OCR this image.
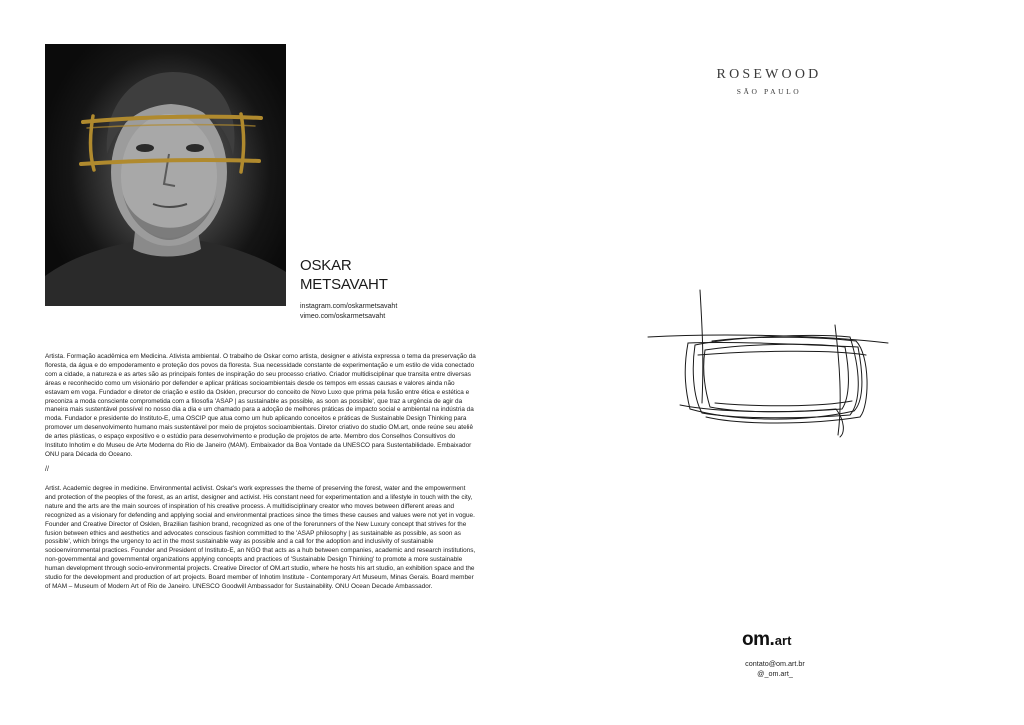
OSKAR
METSAVAHT
instagram.com/oskarmetsavaht
vimeo.com/oskarmetsavaht
Artista. Formação acadêmica em Medicina. Ativista ambiental. O trabalho de Oskar como artista, designer e ativista expressa o tema da preservação da floresta, da água e do empoderamento e proteção dos povos da floresta. Sua necessidade constante de experimentação e um estilo de vida conectado com a cidade, a natureza e as artes são as principais fontes de inspiração do seu processo criativo. Criador multidisciplinar que transita entre diversas áreas e reconhecido como um visionário por defender e aplicar práticas socioambientais desde os tempos em essas causas e valores ainda não estavam em voga. Fundador e diretor de criação e estilo da Osklen, precursor do conceito de Novo Luxo que prima pela fusão entre ética e estética e preconiza a moda consciente comprometida com a filosofia 'ASAP | as sustainable as possible, as soon as possible', que traz a urgência de agir da maneira mais sustentável possível no nosso dia a dia e um chamado para a adoção de melhores práticas de impacto social e ambiental na indústria da moda. Fundador e presidente do Instituto-E, uma OSCIP que atua como um hub aplicando conceitos e práticas de Sustainable Design Thinking para promover um desenvolvimento humano mais sustentável por meio de projetos socioambientais. Diretor criativo do studio OM.art, onde reúne seu ateliê de artes plásticas, o espaço expositivo e o estúdio para desenvolvimento e produção de projetos de arte. Membro dos Conselhos Consultivos do Instituto Inhotim e do Museu de Arte Moderna do Rio de Janeiro (MAM). Embaixador da Boa Vontade da UNESCO para Sustentabilidade. Embaixador ONU para Década do Oceano.
//
Artist. Academic degree in medicine. Environmental activist. Oskar's work expresses the theme of preserving the forest, water and the empowerment and protection of the peoples of the forest, as an artist, designer and activist. His constant need for experimentation and a lifestyle in touch with the city, nature and the arts are the main sources of inspiration of his creative process. A multidisciplinary creator who moves between different areas and recognized as a visionary for defending and applying social and environmental practices since the times these causes and values were not yet in vogue. Founder and Creative Director of Osklen, Brazilian fashion brand, recognized as one of the forerunners of the New Luxury concept that strives for the fusion between ethics and aesthetics and advocates conscious fashion committed to the 'ASAP philosophy | as sustainable as possible, as soon as possible', which brings the urgency to act in the most sustainable way as possible and a call for the adoption and inclusivity of sustainable socioenvironmental practices. Founder and President of Instituto-E, an NGO that acts as a hub between companies, academic and research institutions, non-governmental and governmental organizations applying concepts and practices of 'Sustainable Design Thinking' to promote a more sustainable human development through socio-environmental projects. Creative Director of OM.art studio, where he hosts his art studio, an exhibition space and the studio for the development and production of art projects. Board member of Inhotim Institute - Contemporary Art Museum, Minas Gerais. Board member of MAM – Museum of Modern Art of Rio de Janeiro. UNESCO Goodwill Ambassador for Sustainability. ONU Ocean Decade Ambassador.
ROSEWOOD
SÃO PAULO
om.art
contato@om.art.br
@_om.art_
